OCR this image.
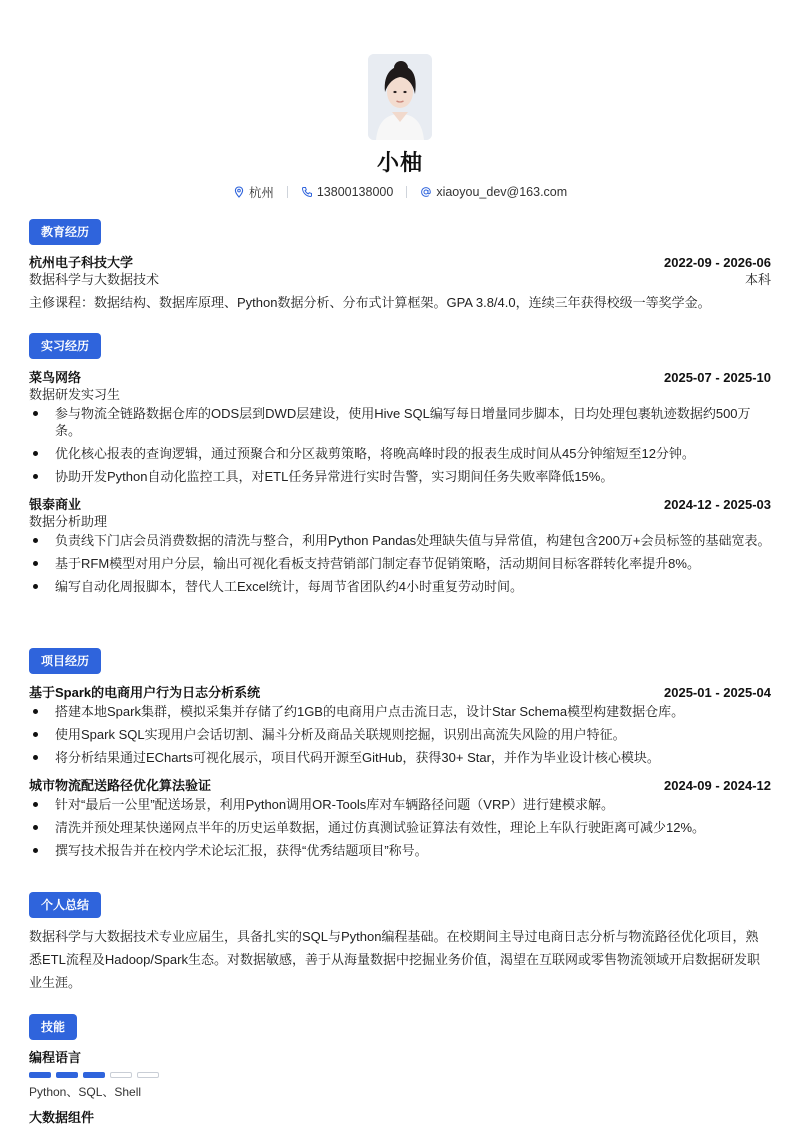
小柚
杭州	13800138000	xiaoyou_dev@163.com
教育经历
杭州电子科技大学	2022-09 - 2026-06
数据科学与大数据技术	本科
主修课程：数据结构、数据库原理、Python数据分析、分布式计算框架。GPA 3.8/4.0，连续三年获得校级一等奖学金。
实习经历
菜鸟网络	2025-07 - 2025-10
数据研发实习生
参与物流全链路数据仓库的ODS层到DWD层建设，使用Hive SQL编写每日增量同步脚本，日均处理包裹轨迹数据约500万条。
优化核心报表的查询逻辑，通过预聚合和分区裁剪策略，将晚高峰时段的报表生成时间从45分钟缩短至12分钟。
协助开发Python自动化监控工具，对ETL任务异常进行实时告警，实习期间任务失败率降低15%。
银泰商业	2024-12 - 2025-03
数据分析助理
负责线下门店会员消费数据的清洗与整合，利用Python Pandas处理缺失值与异常值，构建包含200万+会员标签的基础宽表。
基于RFM模型对用户分层，输出可视化看板支持营销部门制定春节促销策略，活动期间目标客群转化率提升8%。
编写自动化周报脚本，替代人工Excel统计，每周节省团队约4小时重复劳动时间。
项目经历
基于Spark的电商用户行为日志分析系统	2025-01 - 2025-04
搭建本地Spark集群，模拟采集并存储了约1GB的电商用户点击流日志，设计Star Schema模型构建数据仓库。
使用Spark SQL实现用户会话切割、漏斗分析及商品关联规则挖掘，识别出高流失风险的用户特征。
将分析结果通过ECharts可视化展示，项目代码开源至GitHub，获得30+ Star，并作为毕业设计核心模块。
城市物流配送路径优化算法验证	2024-09 - 2024-12
针对“最后一公里”配送场景，利用Python调用OR-Tools库对车辆路径问题（VRP）进行建模求解。
清洗并预处理某快递网点半年的历史运单数据，通过仿真测试验证算法有效性，理论上车队行驶距离可减少12%。
撰写技术报告并在校内学术论坛汇报，获得“优秀结题项目”称号。
个人总结
数据科学与大数据技术专业应届生，具备扎实的SQL与Python编程基础。在校期间主导过电商日志分析与物流路径优化项目，熟悉ETL流程及Hadoop/Spark生态。对数据敏感，善于从海量数据中挖掘业务价值，渴望在互联网或零售物流领域开启数据研发职业生涯。
技能
编程语言
Python、SQL、Shell
大数据组件
